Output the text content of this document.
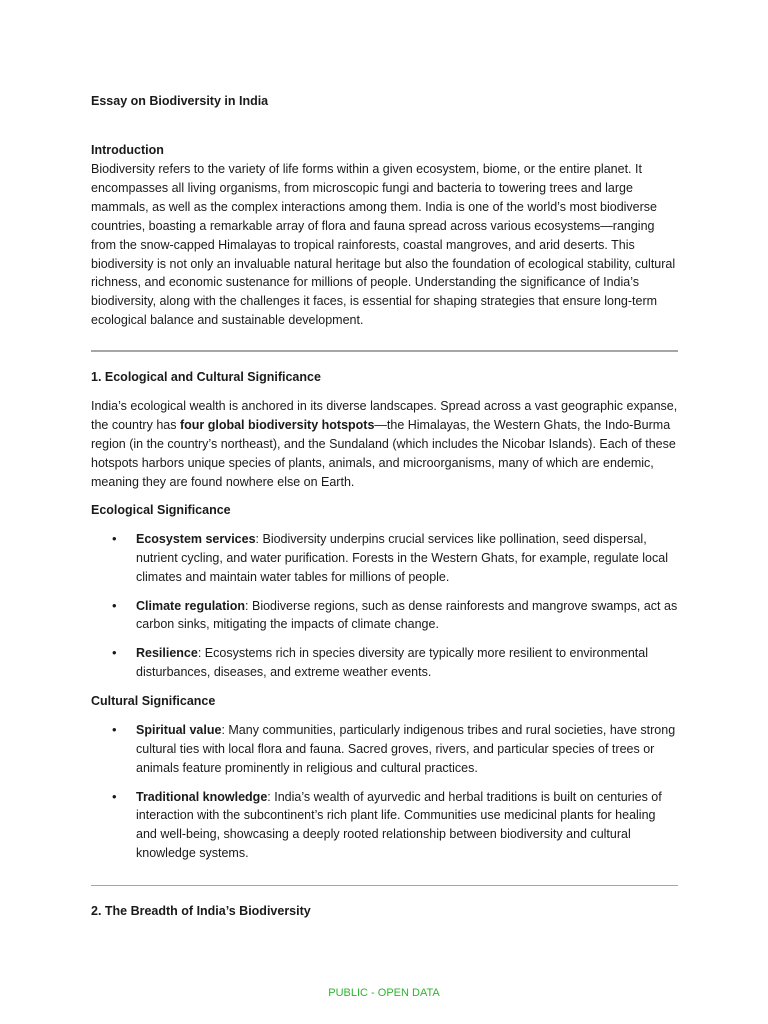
Essay on Biodiversity in India
Introduction
Biodiversity refers to the variety of life forms within a given ecosystem, biome, or the entire planet. It encompasses all living organisms, from microscopic fungi and bacteria to towering trees and large mammals, as well as the complex interactions among them. India is one of the world’s most biodiverse countries, boasting a remarkable array of flora and fauna spread across various ecosystems—ranging from the snow-capped Himalayas to tropical rainforests, coastal mangroves, and arid deserts. This biodiversity is not only an invaluable natural heritage but also the foundation of ecological stability, cultural richness, and economic sustenance for millions of people. Understanding the significance of India’s biodiversity, along with the challenges it faces, is essential for shaping strategies that ensure long-term ecological balance and sustainable development.
1. Ecological and Cultural Significance
India’s ecological wealth is anchored in its diverse landscapes. Spread across a vast geographic expanse, the country has four global biodiversity hotspots—the Himalayas, the Western Ghats, the Indo-Burma region (in the country’s northeast), and the Sundaland (which includes the Nicobar Islands). Each of these hotspots harbors unique species of plants, animals, and microorganisms, many of which are endemic, meaning they are found nowhere else on Earth.
Ecological Significance
• Ecosystem services: Biodiversity underpins crucial services like pollination, seed dispersal, nutrient cycling, and water purification. Forests in the Western Ghats, for example, regulate local climates and maintain water tables for millions of people.
• Climate regulation: Biodiverse regions, such as dense rainforests and mangrove swamps, act as carbon sinks, mitigating the impacts of climate change.
• Resilience: Ecosystems rich in species diversity are typically more resilient to environmental disturbances, diseases, and extreme weather events.
Cultural Significance
• Spiritual value: Many communities, particularly indigenous tribes and rural societies, have strong cultural ties with local flora and fauna. Sacred groves, rivers, and particular species of trees or animals feature prominently in religious and cultural practices.
• Traditional knowledge: India’s wealth of ayurvedic and herbal traditions is built on centuries of interaction with the subcontinent’s rich plant life. Communities use medicinal plants for healing and well-being, showcasing a deeply rooted relationship between biodiversity and cultural knowledge systems.
2. The Breadth of India’s Biodiversity
PUBLIC - OPEN DATA
